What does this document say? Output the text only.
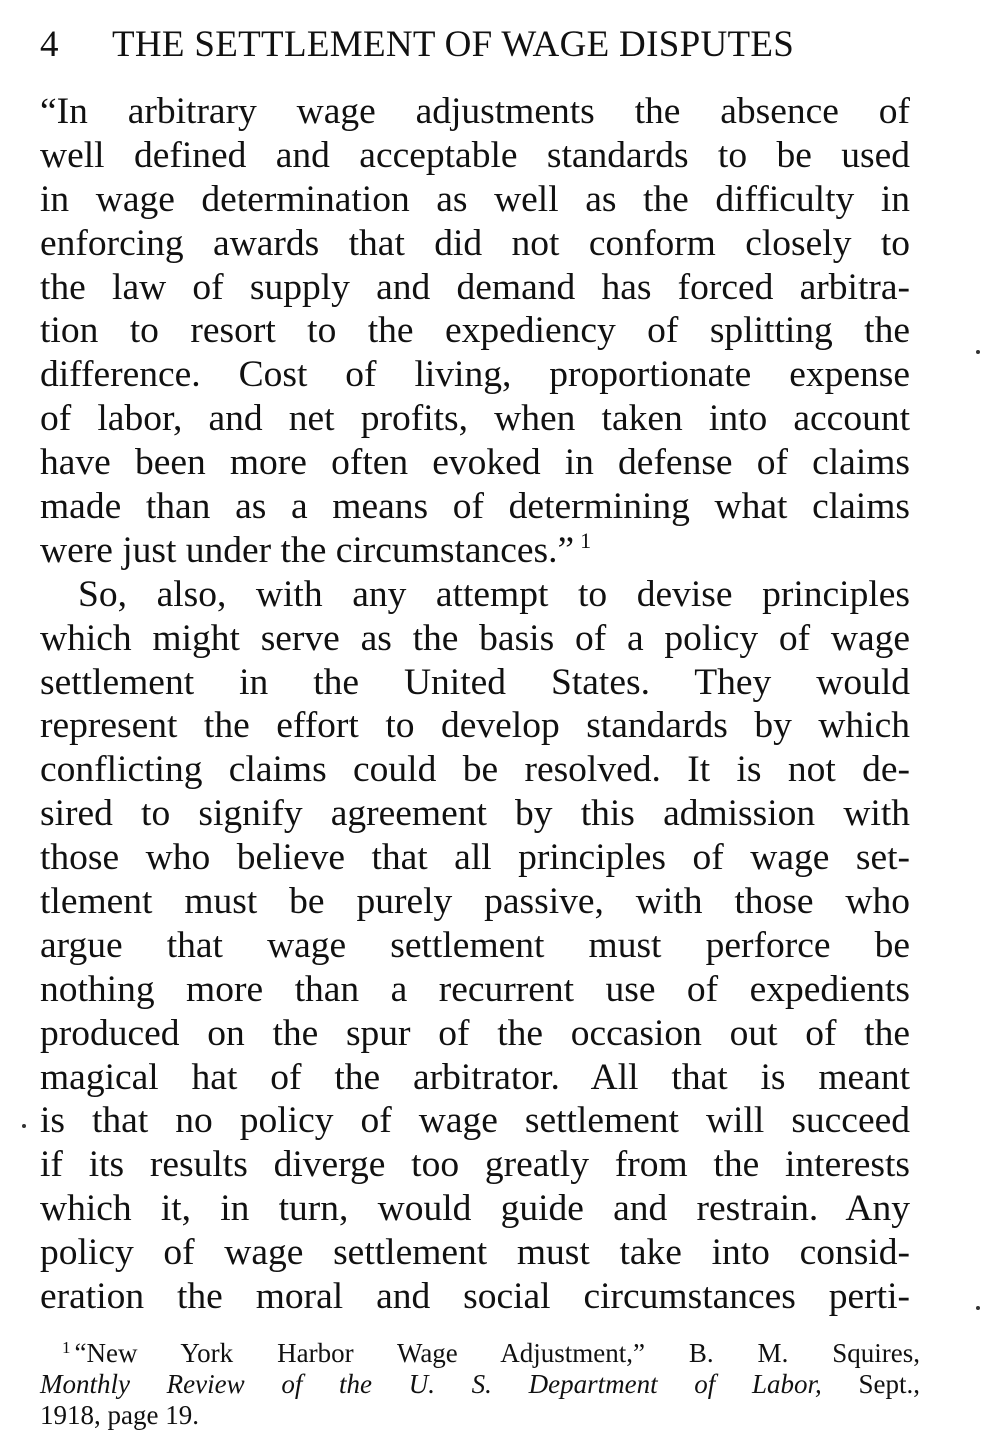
4 THE SETTLEMENT OF WAGE DISPUTES
“In arbitrary wage adjustments the absence of
well defined and acceptable standards to be used
in wage determination as well as the difficulty in
enforcing awards that did not conform closely to
the law of supply and demand has forced arbitra-
tion to resort to the expediency of splitting the
difference. Cost of living, proportionate expense
of labor, and net profits, when taken into account
have been more often evoked in defense of claims
made than as a means of determining what claims
were just under the circumstances.” $^1$
So, also, with any attempt to devise principles
which might serve as the basis of a policy of wage
settlement in the United States. They would
represent the effort to develop standards by which
conflicting claims could be resolved. It is not de-
sired to signify agreement by this admission with
those who believe that all principles of wage set-
tlement must be purely passive, with those who
argue that wage settlement must perforce be
nothing more than a recurrent use of expedients
produced on the spur of the occasion out of the
magical hat of the arbitrator. All that is meant
is that no policy of wage settlement will succeed
if its results diverge too greatly from the interests
which it, in turn, would guide and restrain. Any
policy of wage settlement must take into consid-
eration the moral and social circumstances perti-
$^1$ “New York Harbor Wage Adjustment,” B. M. Squires,
Monthly Review of the U. S. Department of Labor, Sept.,
1918, page 19.
